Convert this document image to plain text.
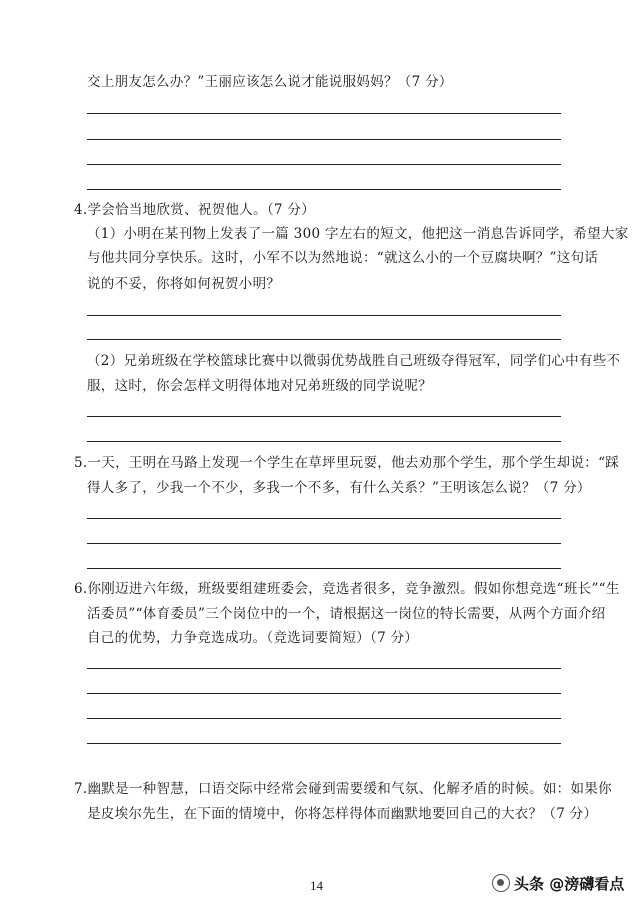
交上朋友怎么办？”王丽应该怎么说才能说服妈妈？（7 分）

4.学会恰当地欣赏、祝贺他人。（7 分）

（1）小明在某刊物上发表了一篇 300 字左右的短文，他把这一消息告诉同学，希望大家

与他共同分享快乐。这时，小军不以为然地说：“就这么小的一个豆腐块啊？”这句话

说的不妥，你将如何祝贺小明？

（2）兄弟班级在学校篮球比赛中以微弱优势战胜自己班级夺得冠军，同学们心中有些不

服，这时，你会怎样文明得体地对兄弟班级的同学说呢？

5.一天，王明在马路上发现一个学生在草坪里玩耍，他去劝那个学生，那个学生却说：“踩

得人多了，少我一个不少，多我一个不多，有什么关系？”王明该怎么说？（7 分）

6.你刚迈进六年级，班级要组建班委会，竞选者很多，竞争激烈。假如你想竞选“班长”“生

活委员”“体育委员”三个岗位中的一个，请根据这一岗位的特长需要，从两个方面介绍

自己的优势，力争竞选成功。（竞选词要简短）（7 分）

7.幽默是一种智慧，口语交际中经常会碰到需要缓和气氛、化解矛盾的时候。如：如果你

是皮埃尔先生，在下面的情境中，你将怎样得体而幽默地要回自己的大衣？（7 分）

14	头条 @滂礴看点
